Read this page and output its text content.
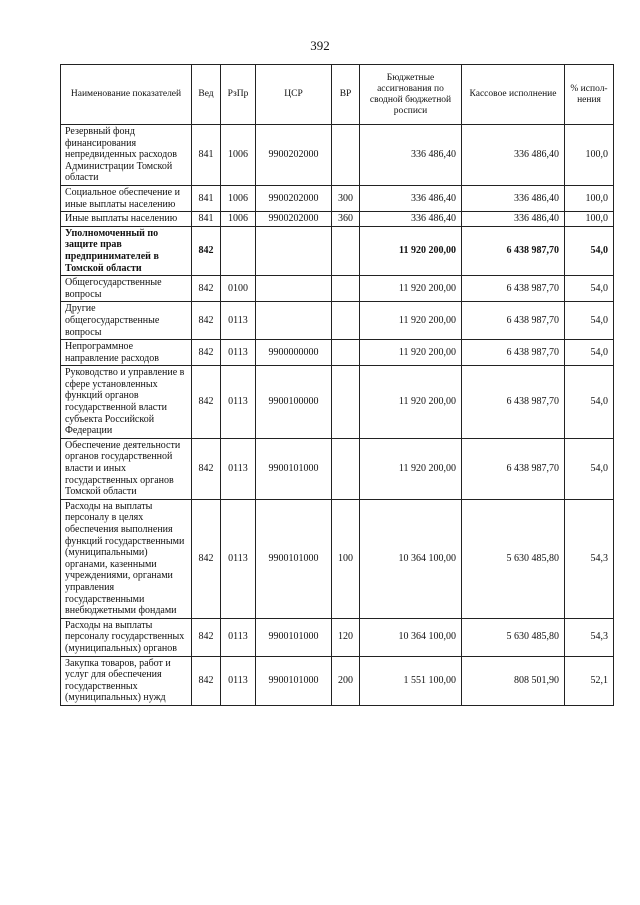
392
Наименование показателей	Вед	РзПр	ЦСР	ВР	Бюджетные ассигнования по сводной бюджетной росписи	Кассовое исполнение	% испол-нения
Резервный фонд финансирования непредвиденных расходов Администрации Томской области	841	1006	9900202000		336 486,40	336 486,40	100,0
Социальное обеспечение и иные выплаты населению	841	1006	9900202000	300	336 486,40	336 486,40	100,0
Иные выплаты населению	841	1006	9900202000	360	336 486,40	336 486,40	100,0
Уполномоченный по защите прав предпринимателей в Томской области	842				11 920 200,00	6 438 987,70	54,0
Общегосударственные вопросы	842	0100			11 920 200,00	6 438 987,70	54,0
Другие общегосударственные вопросы	842	0113			11 920 200,00	6 438 987,70	54,0
Непрограммное направление расходов	842	0113	9900000000		11 920 200,00	6 438 987,70	54,0
Руководство и управление в сфере установленных функций органов государственной власти субъекта Российской Федерации	842	0113	9900100000		11 920 200,00	6 438 987,70	54,0
Обеспечение деятельности органов государственной власти и иных государственных органов Томской области	842	0113	9900101000		11 920 200,00	6 438 987,70	54,0
Расходы на выплаты персоналу в целях обеспечения выполнения функций государственными (муниципальными) органами, казенными учреждениями, органами управления государственными внебюджетными фондами	842	0113	9900101000	100	10 364 100,00	5 630 485,80	54,3
Расходы на выплаты персоналу государственных (муниципальных) органов	842	0113	9900101000	120	10 364 100,00	5 630 485,80	54,3
Закупка товаров, работ и услуг для обеспечения государственных (муниципальных) нужд	842	0113	9900101000	200	1 551 100,00	808 501,90	52,1
